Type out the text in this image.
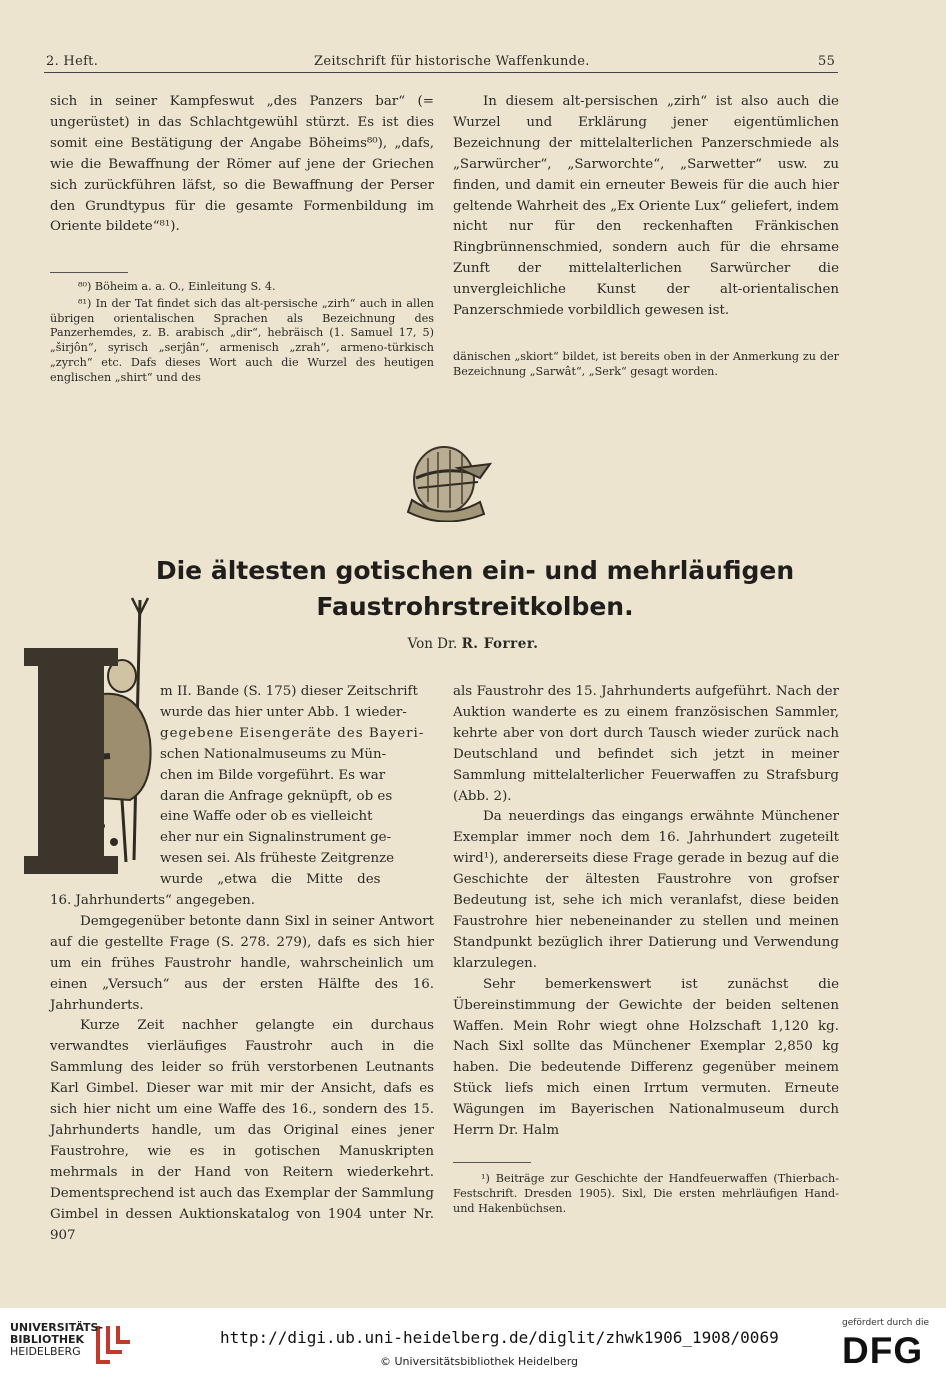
2. Heft.	Zeitschrift für historische Waffenkunde.	55

sich in seiner Kampfeswut „des Panzers bar“ (= ungerüstet) in das Schlachtgewühl stürzt. Es ist dies somit eine Bestätigung der Angabe Böheims⁸⁰), „dafs, wie die Bewaffnung der Römer auf jene der Griechen sich zurückführen läfst, so die Bewaffnung der Perser den Grundtypus für die gesamte Formenbildung im Oriente bildete“⁸¹).

⁸⁰) Böheim a. a. O., Einleitung S. 4.

⁸¹) In der Tat findet sich das alt-persische „zirh“ auch in allen übrigen orientalischen Sprachen als Bezeichnung des Panzerhemdes, z. B. arabisch „dir“, hebräisch (1. Samuel 17, 5) „širjôn“, syrisch „serjân“, armenisch „zrah“, armeno-türkisch „zyrch“ etc. Dafs dieses Wort auch die Wurzel des heutigen englischen „shirt“ und des

In diesem alt-persischen „zirh“ ist also auch die Wurzel und Erklärung jener eigentümlichen Bezeichnung der mittelalterlichen Panzerschmiede als „Sarwürcher“, „Sarworchte“, „Sarwetter“ usw. zu finden, und damit ein erneuter Beweis für die auch hier geltende Wahrheit des „Ex Oriente Lux“ geliefert, indem nicht nur für den reckenhaften Fränkischen Ringbrünnenschmied, sondern auch für die ehrsame Zunft der mittelalterlichen Sarwürcher die unvergleichliche Kunst der alt-orientalischen Panzerschmiede vorbildlich gewesen ist.

dänischen „skiort“ bildet, ist bereits oben in der Anmerkung zu der Bezeichnung „Sarwât“, „Serk“ gesagt worden.

Die ältesten gotischen ein- und mehrläufigen
Faustrohrstreitkolben.
Von Dr. R. Forrer.

m II. Bande (S. 175) dieser Zeitschrift

wurde das hier unter Abb. 1 wieder-

gegebene Eisengeräte des Bayeri-

schen Nationalmuseums zu Mün-

chen im Bilde vorgeführt. Es war

daran die Anfrage geknüpft, ob es

eine Waffe oder ob es vielleicht

eher nur ein Signalinstrument ge-

wesen sei. Als früheste Zeitgrenze

wurde „etwa die Mitte des

16. Jahrhunderts“ angegeben.

Demgegenüber betonte dann Sixl in seiner Antwort auf die gestellte Frage (S. 278. 279), dafs es sich hier um ein frühes Faustrohr handle, wahrscheinlich um einen „Versuch“ aus der ersten Hälfte des 16. Jahrhunderts.

Kurze Zeit nachher gelangte ein durchaus verwandtes vierläufiges Faustrohr auch in die Sammlung des leider so früh verstorbenen Leutnants Karl Gimbel. Dieser war mit mir der Ansicht, dafs es sich hier nicht um eine Waffe des 16., sondern des 15. Jahrhunderts handle, um das Original eines jener Faustrohre, wie es in gotischen Manuskripten mehrmals in der Hand von Reitern wiederkehrt. Dementsprechend ist auch das Exemplar der Sammlung Gimbel in dessen Auktionskatalog von 1904 unter Nr. 907

als Faustrohr des 15. Jahrhunderts aufgeführt. Nach der Auktion wanderte es zu einem französischen Sammler, kehrte aber von dort durch Tausch wieder zurück nach Deutschland und befindet sich jetzt in meiner Sammlung mittelalterlicher Feuerwaffen zu Strafsburg (Abb. 2).

Da neuerdings das eingangs erwähnte Münchener Exemplar immer noch dem 16. Jahrhundert zugeteilt wird¹), andererseits diese Frage gerade in bezug auf die Geschichte der ältesten Faustrohre von grofser Bedeutung ist, sehe ich mich veranlafst, diese beiden Faustrohre hier nebeneinander zu stellen und meinen Standpunkt bezüglich ihrer Datierung und Verwendung klarzulegen.

Sehr bemerkenswert ist zunächst die Übereinstimmung der Gewichte der beiden seltenen Waffen. Mein Rohr wiegt ohne Holzschaft 1,120 kg. Nach Sixl sollte das Münchener Exemplar 2,850 kg haben. Die bedeutende Differenz gegenüber meinem Stück liefs mich einen Irrtum vermuten. Erneute Wägungen im Bayerischen Nationalmuseum durch Herrn Dr. Halm

¹) Beiträge zur Geschichte der Handfeuerwaffen (Thierbach-Festschrift. Dresden 1905). Sixl, Die ersten mehrläufigen Hand- und Hakenbüchsen.

UNIVERSITÄTS-
BIBLIOTHEK
HEIDELBERG
http://digi.ub.uni-heidelberg.de/diglit/zhwk1906_1908/0069
© Universitätsbibliothek Heidelberg
gefördert durch die
DFG
